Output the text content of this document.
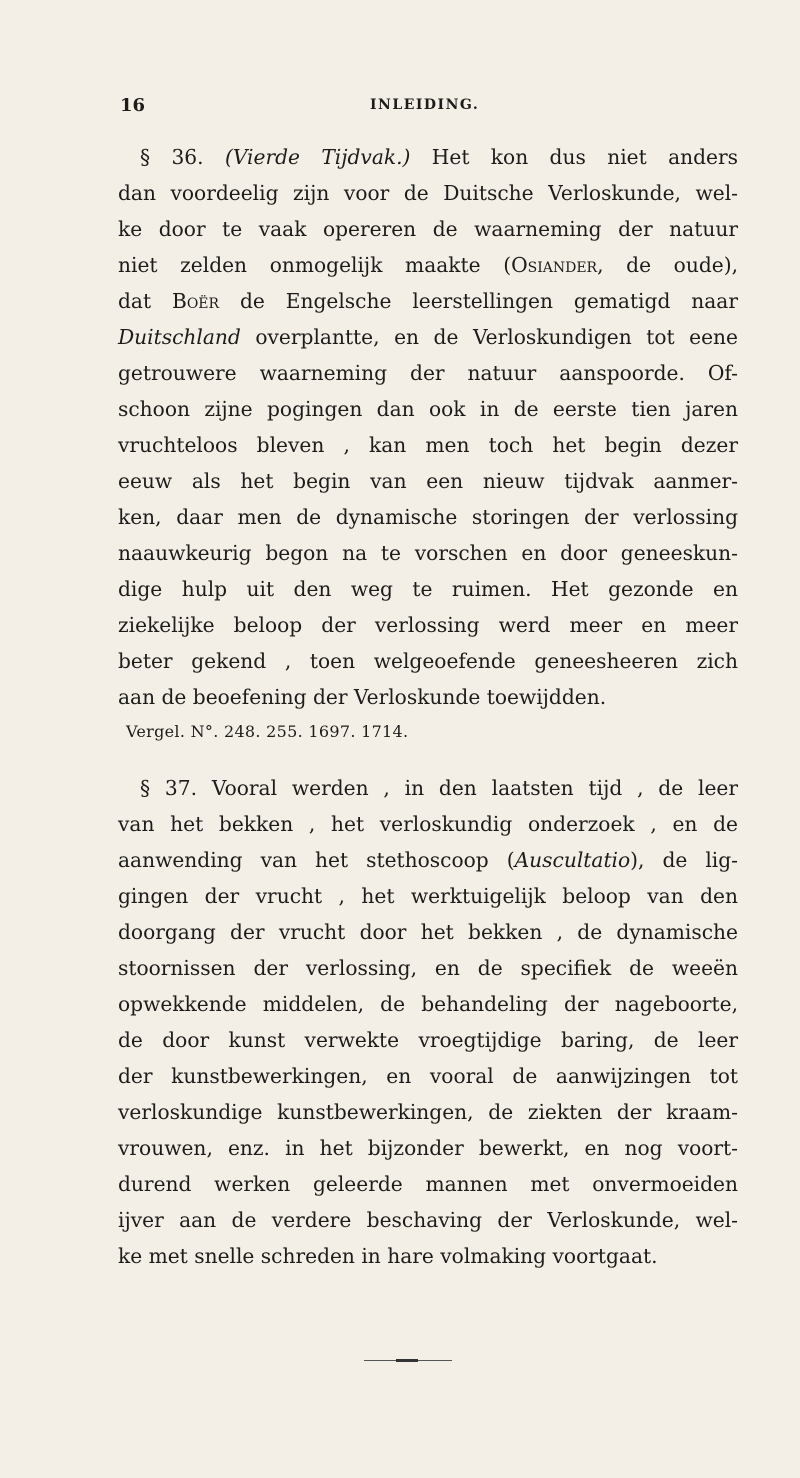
16	INLEIDING.
§ 36. (Vierde Tijdvak.) Het kon dus niet anders
dan voordeelig zijn voor de Duitsche Verloskunde, wel-
ke door te vaak opereren de waarneming der natuur
niet zelden onmogelijk maakte (Osiander, de oude),
dat Boër de Engelsche leerstellingen gematigd naar
Duitschland overplantte, en de Verloskundigen tot eene
getrouwere waarneming der natuur aanspoorde. Of-
schoon zijne pogingen dan ook in de eerste tien jaren
vruchteloos bleven , kan men toch het begin dezer
eeuw als het begin van een nieuw tijdvak aanmer-
ken, daar men de dynamische storingen der verlossing
naauwkeurig begon na te vorschen en door geneeskun-
dige hulp uit den weg te ruimen. Het gezonde en
ziekelijke beloop der verlossing werd meer en meer
beter gekend , toen welgeoefende geneesheeren zich
aan de beoefening der Verloskunde toewijdden.
Vergel. N°. 248. 255. 1697. 1714.
§ 37. Vooral werden , in den laatsten tijd , de leer
van het bekken , het verloskundig onderzoek , en de
aanwending van het stethoscoop (Auscultatio), de lig-
gingen der vrucht , het werktuigelijk beloop van den
doorgang der vrucht door het bekken , de dynamische
stoornissen der verlossing, en de specifiek de weeën
opwekkende middelen, de behandeling der nageboorte,
de door kunst verwekte vroegtijdige baring, de leer
der kunstbewerkingen, en vooral de aanwijzingen tot
verloskundige kunstbewerkingen, de ziekten der kraam-
vrouwen, enz. in het bijzonder bewerkt, en nog voort-
durend werken geleerde mannen met onvermoeiden
ijver aan de verdere beschaving der Verloskunde, wel-
ke met snelle schreden in hare volmaking voortgaat.
